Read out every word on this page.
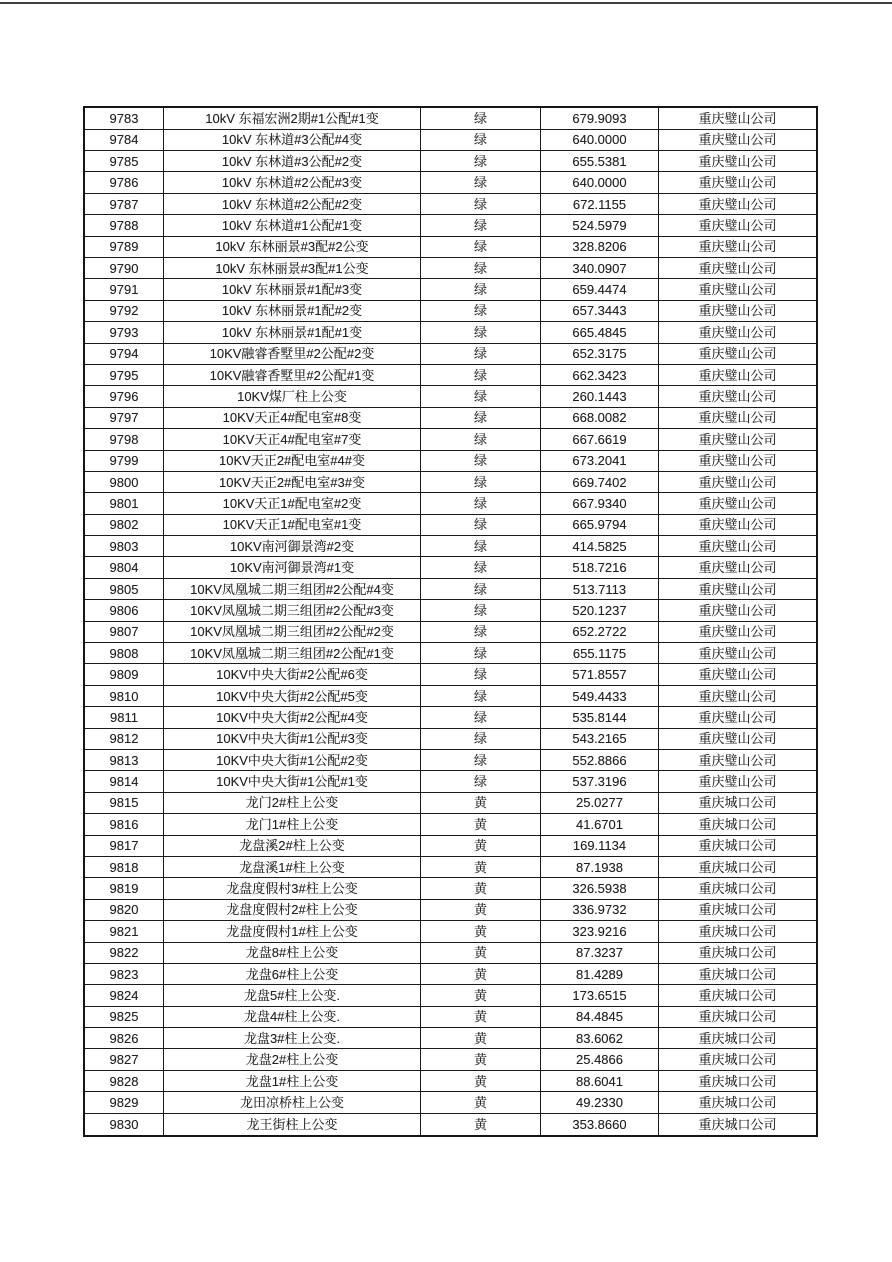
9783	10kV 东福宏洲2期#1公配#1变	绿	679.9093	重庆璧山公司
9784	10kV 东林道#3公配#4变	绿	640.0000	重庆璧山公司
9785	10kV 东林道#3公配#2变	绿	655.5381	重庆璧山公司
9786	10kV 东林道#2公配#3变	绿	640.0000	重庆璧山公司
9787	10kV 东林道#2公配#2变	绿	672.1155	重庆璧山公司
9788	10kV 东林道#1公配#1变	绿	524.5979	重庆璧山公司
9789	10kV 东林丽景#3配#2公变	绿	328.8206	重庆璧山公司
9790	10kV 东林丽景#3配#1公变	绿	340.0907	重庆璧山公司
9791	10kV 东林丽景#1配#3变	绿	659.4474	重庆璧山公司
9792	10kV 东林丽景#1配#2变	绿	657.3443	重庆璧山公司
9793	10kV 东林丽景#1配#1变	绿	665.4845	重庆璧山公司
9794	10KV融睿香墅里#2公配#2变	绿	652.3175	重庆璧山公司
9795	10KV融睿香墅里#2公配#1变	绿	662.3423	重庆璧山公司
9796	10KV煤厂柱上公变	绿	260.1443	重庆璧山公司
9797	10KV天正4#配电室#8变	绿	668.0082	重庆璧山公司
9798	10KV天正4#配电室#7变	绿	667.6619	重庆璧山公司
9799	10KV天正2#配电室#4#变	绿	673.2041	重庆璧山公司
9800	10KV天正2#配电室#3#变	绿	669.7402	重庆璧山公司
9801	10KV天正1#配电室#2变	绿	667.9340	重庆璧山公司
9802	10KV天正1#配电室#1变	绿	665.9794	重庆璧山公司
9803	10KV南河御景湾#2变	绿	414.5825	重庆璧山公司
9804	10KV南河御景湾#1变	绿	518.7216	重庆璧山公司
9805	10KV凤凰城二期三组团#2公配#4变	绿	513.7113	重庆璧山公司
9806	10KV凤凰城二期三组团#2公配#3变	绿	520.1237	重庆璧山公司
9807	10KV凤凰城二期三组团#2公配#2变	绿	652.2722	重庆璧山公司
9808	10KV凤凰城二期三组团#2公配#1变	绿	655.1175	重庆璧山公司
9809	10KV中央大街#2公配#6变	绿	571.8557	重庆璧山公司
9810	10KV中央大街#2公配#5变	绿	549.4433	重庆璧山公司
9811	10KV中央大街#2公配#4变	绿	535.8144	重庆璧山公司
9812	10KV中央大街#1公配#3变	绿	543.2165	重庆璧山公司
9813	10KV中央大街#1公配#2变	绿	552.8866	重庆璧山公司
9814	10KV中央大街#1公配#1变	绿	537.3196	重庆璧山公司
9815	龙门2#柱上公变	黄	25.0277	重庆城口公司
9816	龙门1#柱上公变	黄	41.6701	重庆城口公司
9817	龙盘溪2#柱上公变	黄	169.1134	重庆城口公司
9818	龙盘溪1#柱上公变	黄	87.1938	重庆城口公司
9819	龙盘度假村3#柱上公变	黄	326.5938	重庆城口公司
9820	龙盘度假村2#柱上公变	黄	336.9732	重庆城口公司
9821	龙盘度假村1#柱上公变	黄	323.9216	重庆城口公司
9822	龙盘8#柱上公变	黄	87.3237	重庆城口公司
9823	龙盘6#柱上公变	黄	81.4289	重庆城口公司
9824	龙盘5#柱上公变.	黄	173.6515	重庆城口公司
9825	龙盘4#柱上公变.	黄	84.4845	重庆城口公司
9826	龙盘3#柱上公变.	黄	83.6062	重庆城口公司
9827	龙盘2#柱上公变	黄	25.4866	重庆城口公司
9828	龙盘1#柱上公变	黄	88.6041	重庆城口公司
9829	龙田凉桥柱上公变	黄	49.2330	重庆城口公司
9830	龙王街柱上公变	黄	353.8660	重庆城口公司
